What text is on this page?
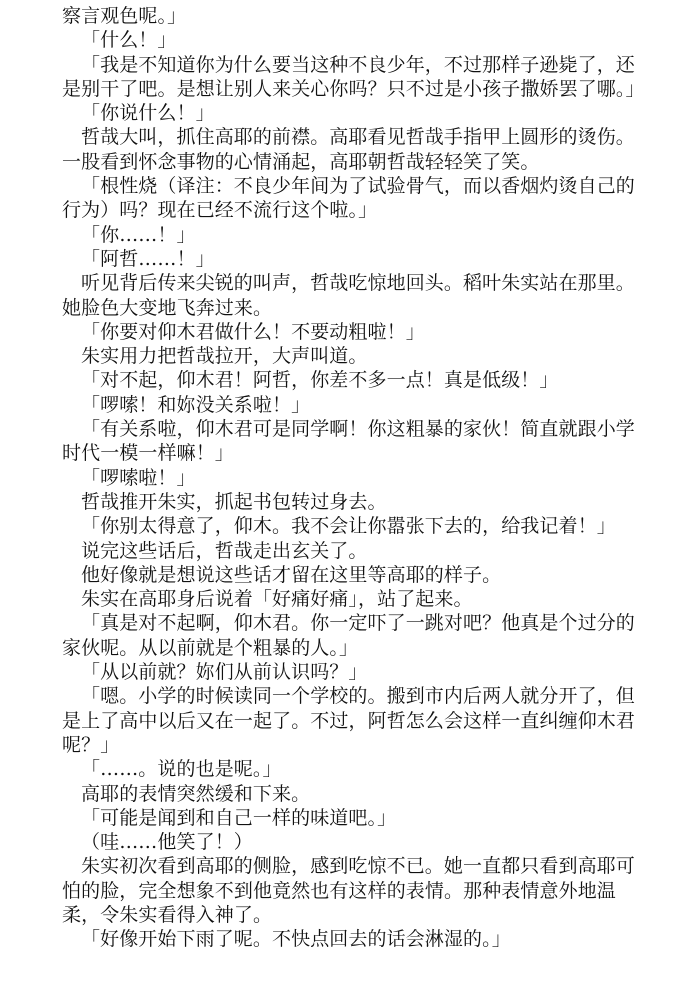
察言观色呢。」

「什么！」

「我是不知道你为什么要当这种不良少年，不过那样子逊毙了，还是别干了吧。是想让别人来关心你吗？只不过是小孩子撒娇罢了哪。」

「你说什么！」

哲哉大叫，抓住高耶的前襟。高耶看见哲哉手指甲上圆形的烫伤。一股看到怀念事物的心情涌起，高耶朝哲哉轻轻笑了笑。

「根性烧（译注：不良少年间为了试验骨气，而以香烟灼烫自己的行为）吗？现在已经不流行这个啦。」

「你……！」

「阿哲……！」

听见背后传来尖锐的叫声，哲哉吃惊地回头。稻叶朱实站在那里。她脸色大变地飞奔过来。

「你要对仰木君做什么！不要动粗啦！」

朱实用力把哲哉拉开，大声叫道。

「对不起，仰木君！阿哲，你差不多一点！真是低级！」

「啰嗦！和妳没关系啦！」

「有关系啦，仰木君可是同学啊！你这粗暴的家伙！简直就跟小学时代一模一样嘛！」

「啰嗦啦！」

哲哉推开朱实，抓起书包转过身去。

「你别太得意了，仰木。我不会让你嚣张下去的，给我记着！」

说完这些话后，哲哉走出玄关了。

他好像就是想说这些话才留在这里等高耶的样子。

朱实在高耶身后说着「好痛好痛」，站了起来。

「真是对不起啊，仰木君。你一定吓了一跳对吧？他真是个过分的家伙呢。从以前就是个粗暴的人。」

「从以前就？妳们从前认识吗？」

「嗯。小学的时候读同一个学校的。搬到市内后两人就分开了，但是上了高中以后又在一起了。不过，阿哲怎么会这样一直纠缠仰木君呢？」

「……。说的也是呢。」

高耶的表情突然缓和下来。

「可能是闻到和自己一样的味道吧。」

（哇……他笑了！）

朱实初次看到高耶的侧脸，感到吃惊不已。她一直都只看到高耶可怕的脸，完全想象不到他竟然也有这样的表情。那种表情意外地温柔，令朱实看得入神了。

「好像开始下雨了呢。不快点回去的话会淋湿的。」
